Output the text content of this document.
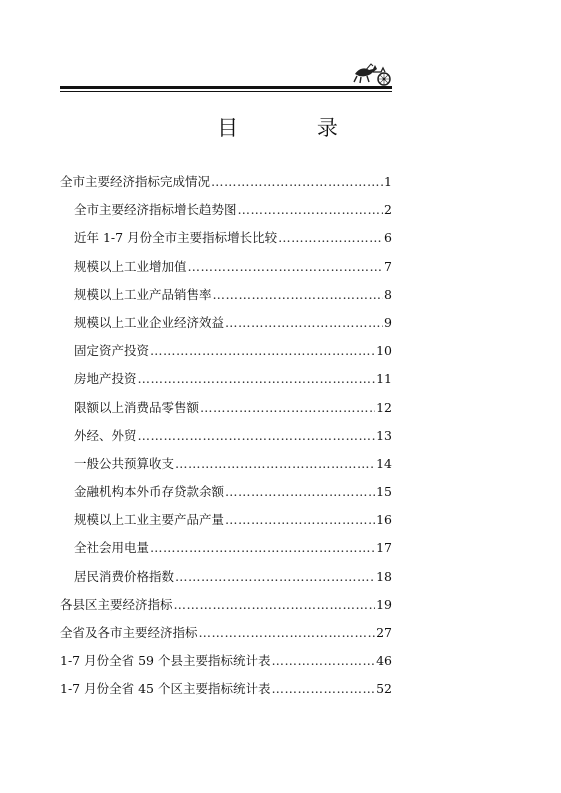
目 录
全市主要经济指标完成情况 ……………………………………………………………………………………………………………………………………………………	1
全市主要经济指标增长趋势图 ……………………………………………………………………………………………………………………………………………………	2
近年 1-7 月份全市主要指标增长比较 ……………………………………………………………………………………………………………………………………………………	6
规模以上工业增加值 ……………………………………………………………………………………………………………………………………………………	7
规模以上工业产品销售率 ……………………………………………………………………………………………………………………………………………………	8
规模以上工业企业经济效益 ……………………………………………………………………………………………………………………………………………………	9
固定资产投资 ……………………………………………………………………………………………………………………………………………………	10
房地产投资 ……………………………………………………………………………………………………………………………………………………	11
限额以上消费品零售额 ……………………………………………………………………………………………………………………………………………………	12
外经、外贸 ……………………………………………………………………………………………………………………………………………………	13
一般公共预算收支 ……………………………………………………………………………………………………………………………………………………	14
金融机构本外币存贷款余额 ……………………………………………………………………………………………………………………………………………………	15
规模以上工业主要产品产量 ……………………………………………………………………………………………………………………………………………………	16
全社会用电量 ……………………………………………………………………………………………………………………………………………………	17
居民消费价格指数 ……………………………………………………………………………………………………………………………………………………	18
各县区主要经济指标 ……………………………………………………………………………………………………………………………………………………	19
全省及各市主要经济指标 ……………………………………………………………………………………………………………………………………………………	27
1-7 月份全省 59 个县主要指标统计表 ……………………………………………………………………………………………………………………………………………………	46
1-7 月份全省 45 个区主要指标统计表 ……………………………………………………………………………………………………………………………………………………	52
